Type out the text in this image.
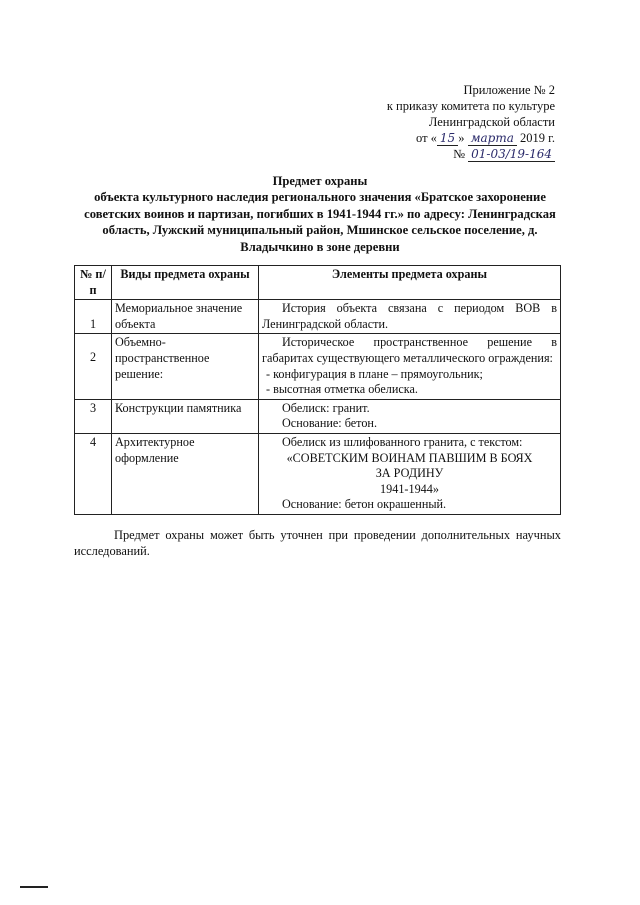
Приложение № 2
к приказу комитета по культуре
Ленинградской области
от « 15 » марта 2019 г.
№ 01-03/19-164
Предмет охраны
объекта культурного наследия регионального значения «Братское захоронение советских воинов и партизан, погибших в 1941-1944 гг.» по адресу: Ленинградская область, Лужский муниципальный район, Мшинское сельское поселение, д. Владычкино в зоне деревни
№ п/п	Виды предмета охраны	Элементы предмета охраны
1	Мемориальное значение объекта	История объекта связана с периодом ВОВ в Ленинградской области.

2	Объемно-пространственное решение:	Историческое пространственное решение в габаритах существующего металлического ограждения:
- конфигурация в плане – прямоугольник;
- высотная отметка обелиска.

3	Конструкции памятника	Обелиск: гранит.
Основание: бетон.

4	Архитектурное оформление	Обелиск из шлифованного гранита, с текстом:
«СОВЕТСКИМ ВОИНАМ ПАВШИМ В БОЯХ ЗА РОДИНУ
1941-1944»
Основание: бетон окрашенный.
Предмет охраны может быть уточнен при проведении дополнительных научных исследований.
